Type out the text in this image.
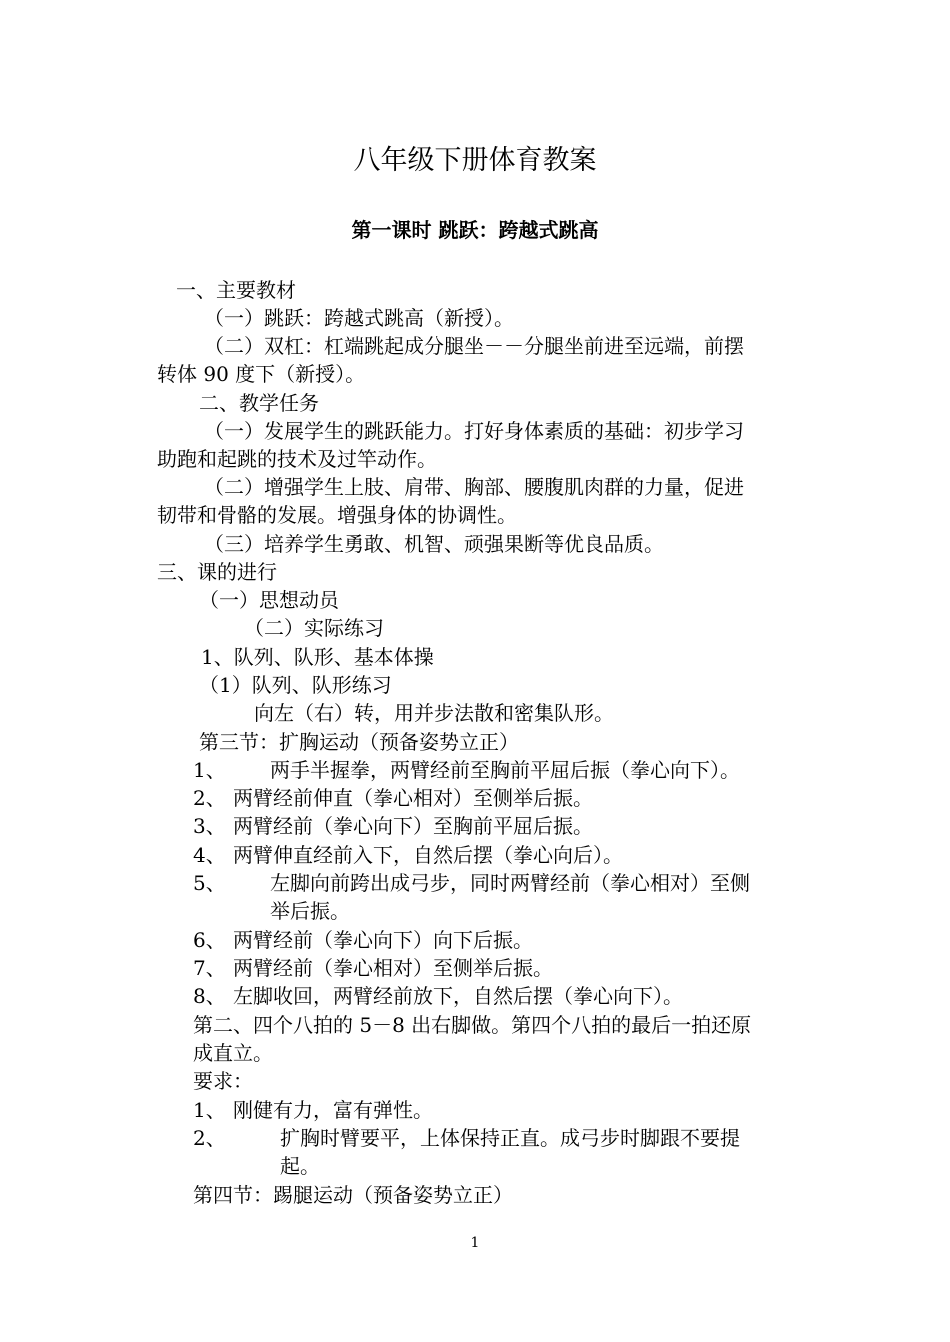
八年级下册体育教案
第一课时 跳跃：跨越式跳高
一、主要教材
（一）跳跃：跨越式跳高（新授）。
（二）双杠：杠端跳起成分腿坐－－分腿坐前进至远端，前摆
转体 90 度下（新授）。
二、教学任务
（一）发展学生的跳跃能力。打好身体素质的基础：初步学习
助跑和起跳的技术及过竿动作。
（二）增强学生上肢、肩带、胸部、腰腹肌肉群的力量，促进
韧带和骨骼的发展。增强身体的协调性。
（三）培养学生勇敢、机智、顽强果断等优良品质。
三、课的进行
（一）思想动员
（二）实际练习
1、队列、队形、基本体操
（1）队列、队形练习
向左（右）转，用并步法散和密集队形。
第三节：扩胸运动（预备姿势立正）
1、 两手半握拳，两臂经前至胸前平屈后振（拳心向下）。
2、 两臂经前伸直（拳心相对）至侧举后振。
3、 两臂经前（拳心向下）至胸前平屈后振。
4、 两臂伸直经前入下，自然后摆（拳心向后）。
5、 左脚向前跨出成弓步，同时两臂经前（拳心相对）至侧
举后振。
6、 两臂经前（拳心向下）向下后振。
7、 两臂经前（拳心相对）至侧举后振。
8、 左脚收回，两臂经前放下，自然后摆（拳心向下）。
第二、四个八拍的 5－8 出右脚做。第四个八拍的最后一拍还原
成直立。
要求：
1、 刚健有力，富有弹性。
2、	扩胸时臂要平，上体保持正直。成弓步时脚跟不要提
起。
第四节：踢腿运动（预备姿势立正）
1
